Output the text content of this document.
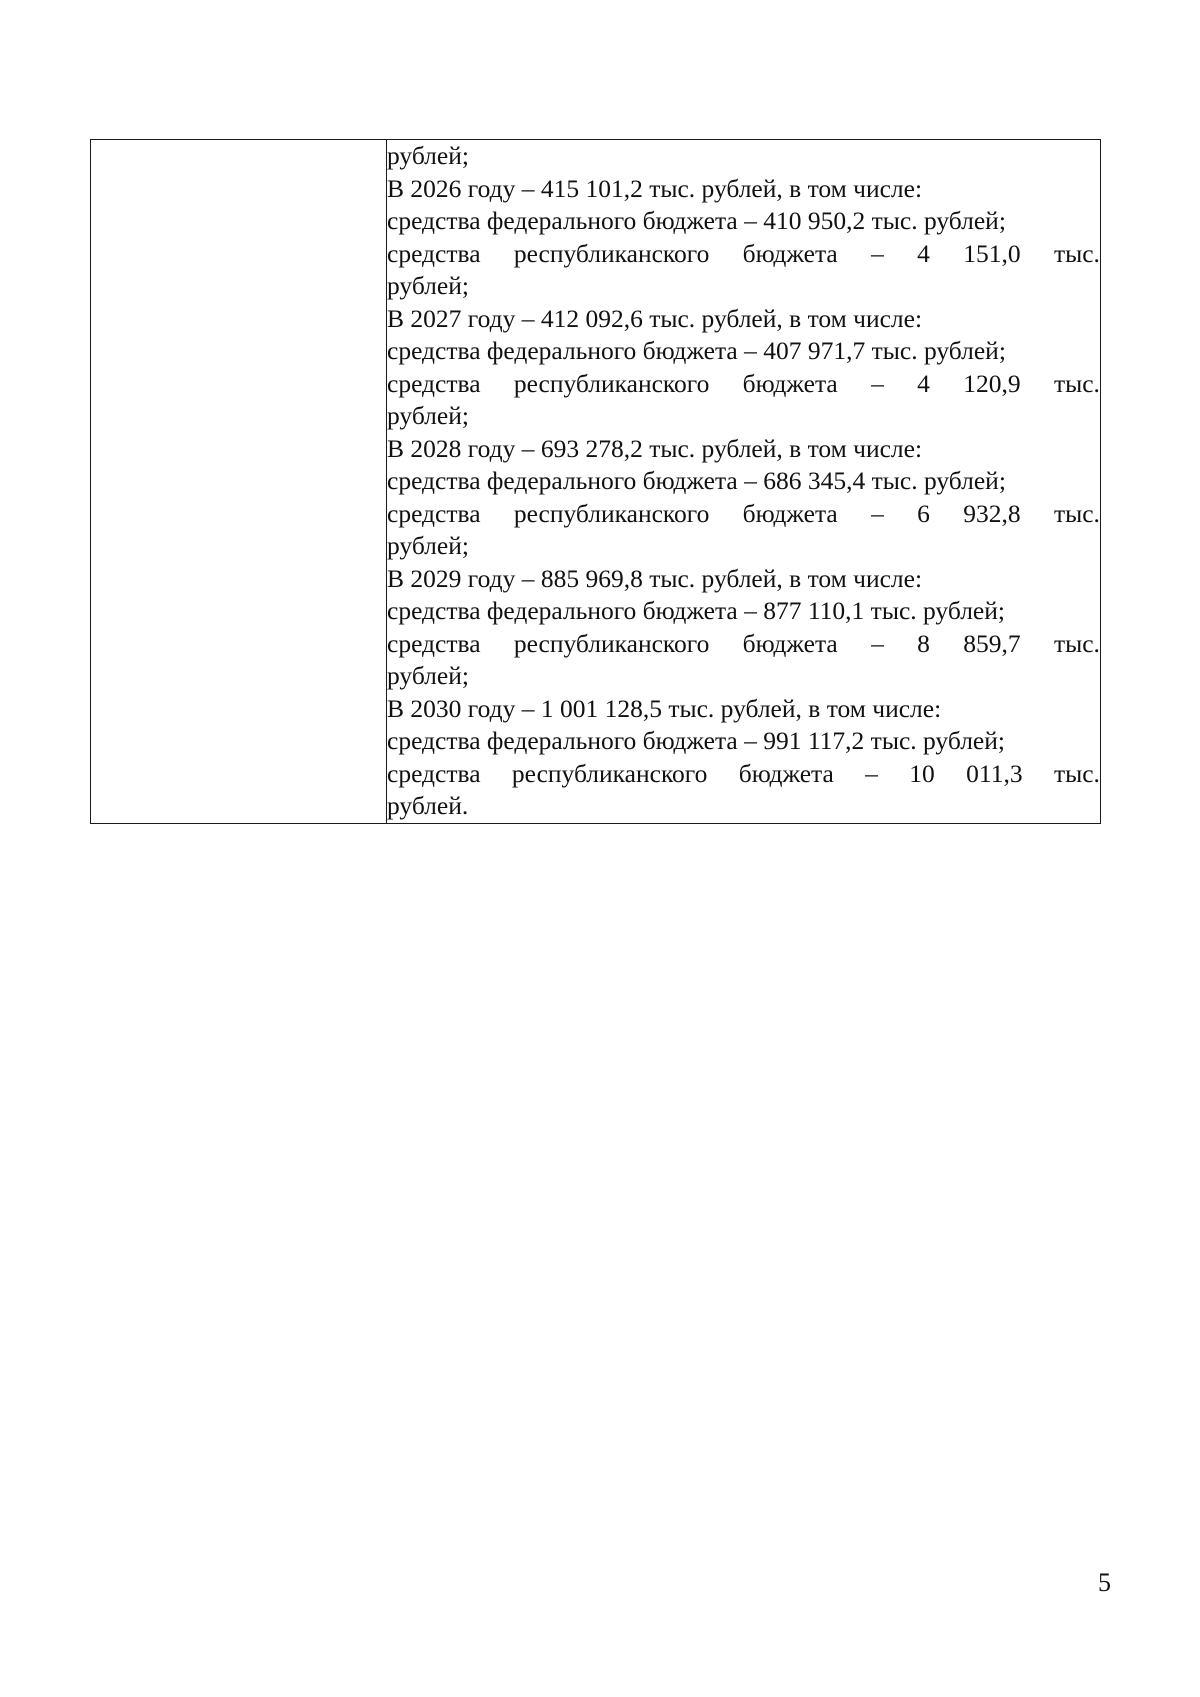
рублей;
В 2026 году – 415 101,2 тыс. рублей, в том числе:
средства федерального бюджета – 410 950,2 тыс. рублей;
средства республиканского бюджета – 4 151,0 тыс.
рублей;
В 2027 году – 412 092,6 тыс. рублей, в том числе:
средства федерального бюджета – 407 971,7 тыс. рублей;
средства республиканского бюджета – 4 120,9 тыс.
рублей;
В 2028 году – 693 278,2 тыс. рублей, в том числе:
средства федерального бюджета – 686 345,4 тыс. рублей;
средства республиканского бюджета – 6 932,8 тыс.
рублей;
В 2029 году – 885 969,8 тыс. рублей, в том числе:
средства федерального бюджета – 877 110,1 тыс. рублей;
средства республиканского бюджета – 8 859,7 тыс.
рублей;
В 2030 году – 1 001 128,5 тыс. рублей, в том числе:
средства федерального бюджета – 991 117,2 тыс. рублей;
средства республиканского бюджета – 10 011,3 тыс.
рублей.
5
